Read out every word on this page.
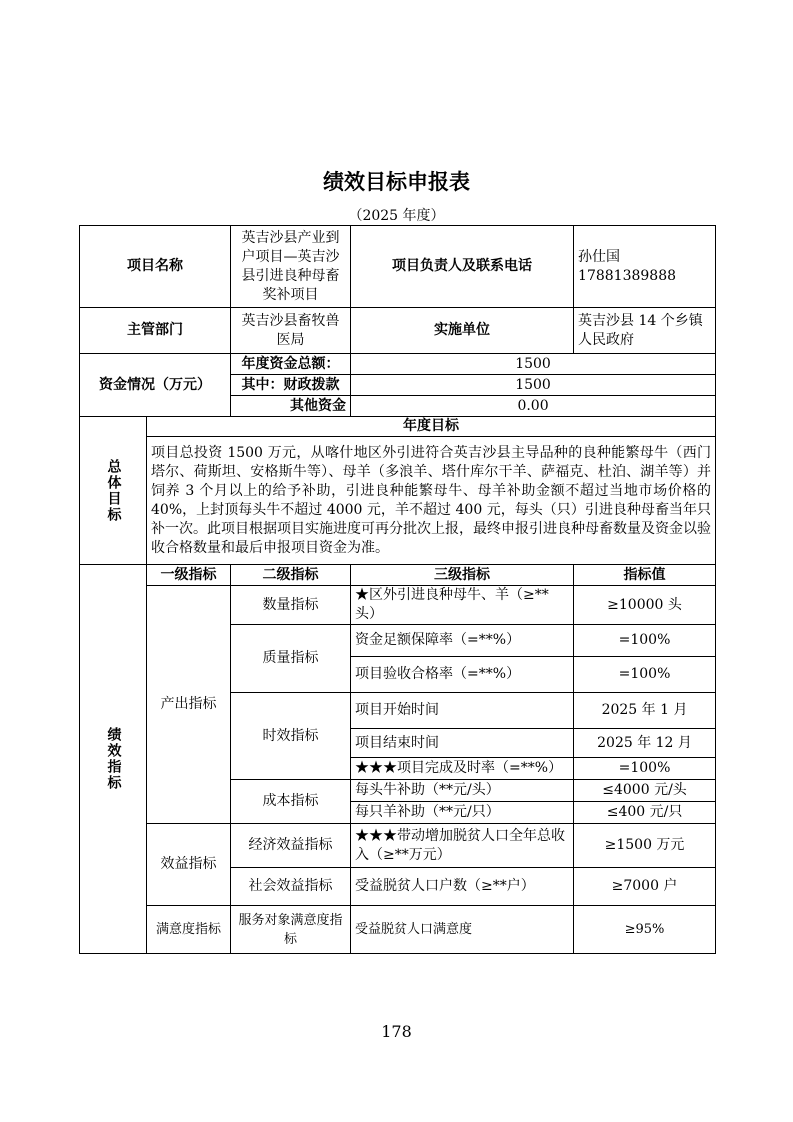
绩效目标申报表
（2025 年度）
项目名称		英吉沙县产业到户项目—英吉沙县引进良种母畜奖补项目	项目负责人及联系电话	孙仕国 17881389888
主管部门		英吉沙县畜牧兽医局	实施单位	英吉沙县 14 个乡镇人民政府
资金情况（万元）		年度资金总额：	1500	
		其中：财政拨款	1500	
		其他资金	0.00	
总体目标	年度目标			
	项目总投资 1500 万元，从喀什地区外引进符合英吉沙县主导品种的良种能繁母牛（西门塔尔、荷斯坦、安格斯牛等）、母羊（多浪羊、塔什库尔干羊、萨福克、杜泊、湖羊等）并饲养 3 个月以上的给予补助，引进良种能繁母牛、母羊补助金额不超过当地市场价格的 40%，上封顶每头牛不超过 4000 元，羊不超过 400 元，每头（只）引进良种母畜当年只补一次。此项目根据项目实施进度可再分批次上报，最终申报引进良种母畜数量及资金以验收合格数量和最后申报项目资金为准。			
绩效指标	一级指标	二级指标	三级指标	指标值
	产出指标	数量指标	★区外引进良种母牛、羊（≥**头）	≥10000 头
		质量指标	资金足额保障率（=**%）	=100%
			项目验收合格率（=**%）	=100%
		时效指标	项目开始时间	2025 年 1 月
			项目结束时间	2025 年 12 月
			★★★项目完成及时率（=**%）	=100%
		成本指标	每头牛补助（**元/头）	≤4000 元/头
			每只羊补助（**元/只）	≤400 元/只
	效益指标	经济效益指标	★★★带动增加脱贫人口全年总收入（≥**万元）	≥1500 万元
		社会效益指标	受益脱贫人口户数（≥**户）	≥7000 户
	满意度指标	服务对象满意度指标	受益脱贫人口满意度	≥95%
178
